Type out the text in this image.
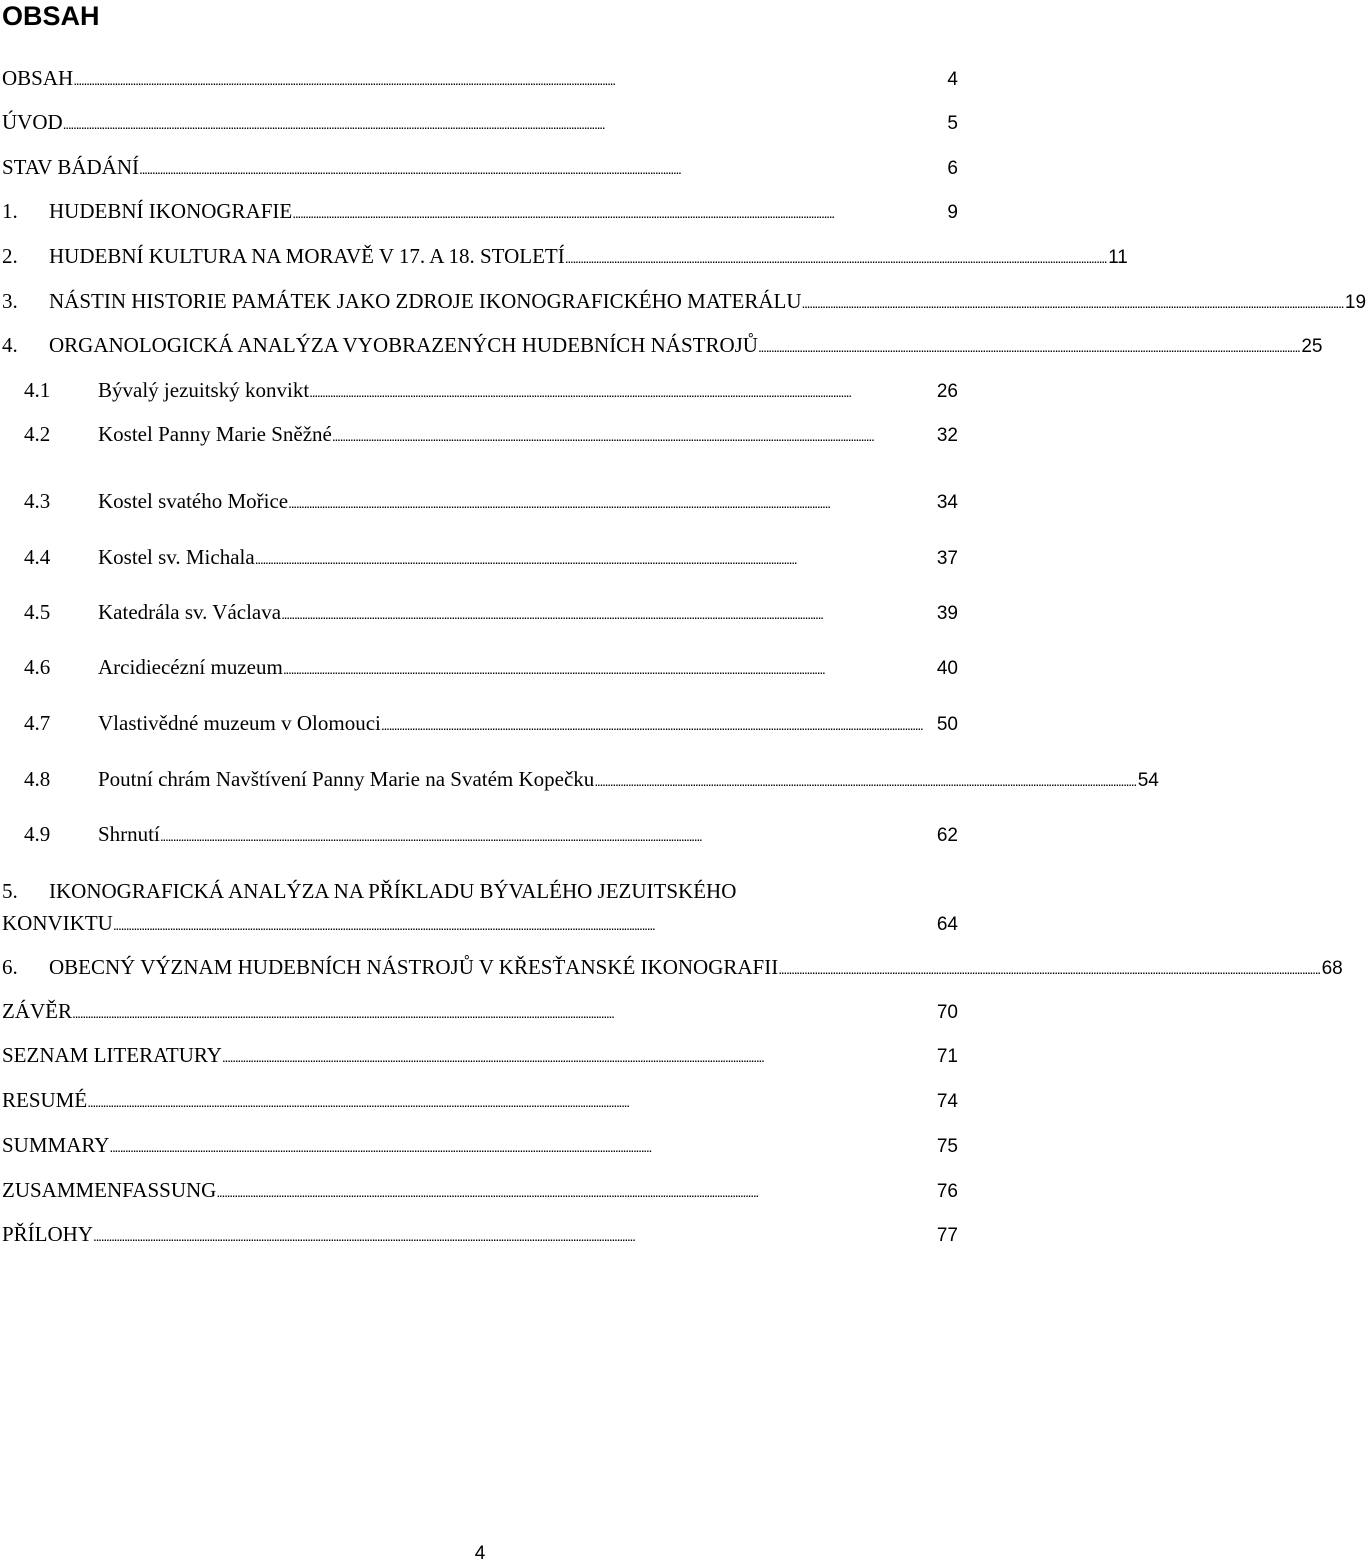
OBSAH
OBSAH . . .	4
ÚVOD . . .	5
STAV BÁDÁNÍ . . .	6
1.	HUDEBNÍ IKONOGRAFIE . . .	9
2.	HUDEBNÍ KULTURA NA MORAVĚ V 17. A 18. STOLETÍ . . .	11
3.	NÁSTIN HISTORIE PAMÁTEK JAKO ZDROJE IKONOGRAFICKÉHO MATERÁLU . . .	19
4.	ORGANOLOGICKÁ ANALÝZA VYOBRAZENÝCH HUDEBNÍCH NÁSTROJŮ . . .	25
4.1	Bývalý jezuitský konvikt . . .	26
4.2	Kostel Panny Marie Sněžné . . .	32
4.3	Kostel svatého Mořice . . .	34
4.4	Kostel sv. Michala . . .	37
4.5	Katedrála sv. Václava . . .	39
4.6	Arcidiecézní muzeum . . .	40
4.7	Vlastivědné muzeum v Olomouci . . .	50
4.8	Poutní chrám Navštívení Panny Marie na Svatém Kopečku . . .	54
4.9	Shrnutí . . .	62
5.	IKONOGRAFICKÁ ANALÝZA NA PŘÍKLADU BÝVALÉHO JEZUITSKÉHO
KONVIKTU . . .	64
6.	OBECNÝ VÝZNAM HUDEBNÍCH NÁSTROJŮ V KŘESŤANSKÉ IKONOGRAFII . . .	68
ZÁVĚR . . .	70
SEZNAM LITERATURY . . .	71
RESUMÉ . . .	74
SUMMARY . . .	75
ZUSAMMENFASSUNG . . .	76
PŘÍLOHY . . .	77
4
